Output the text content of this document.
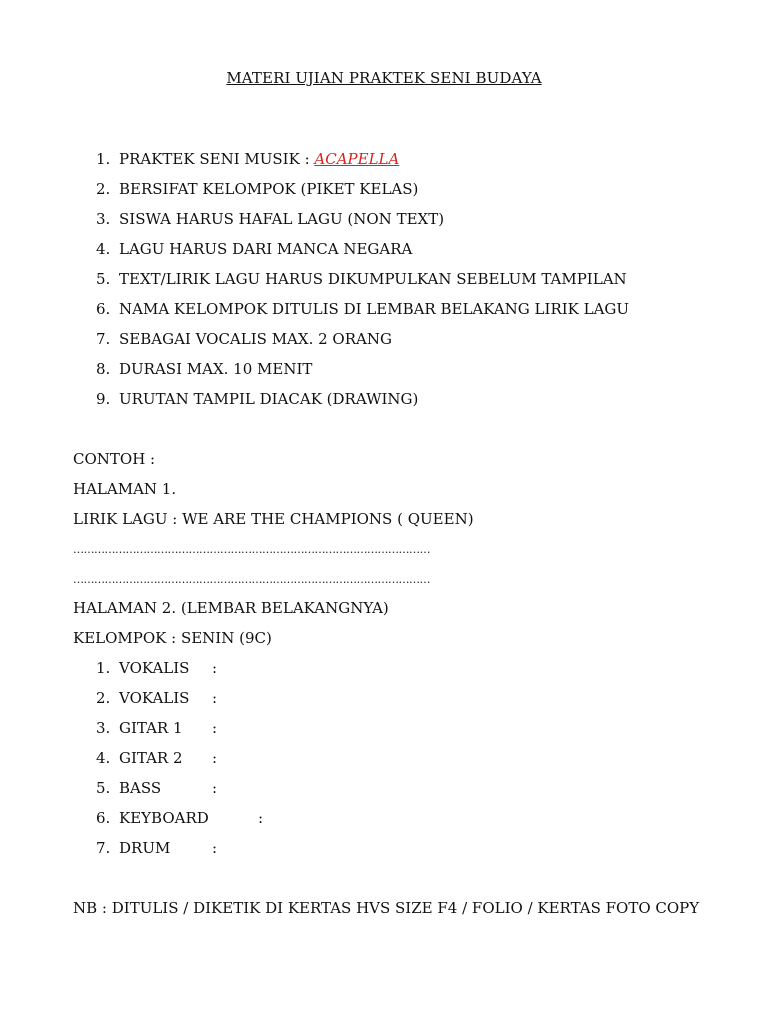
MATERI UJIAN PRAKTEK SENI BUDAYA
1. PRAKTEK SENI MUSIK : ACAPELLA
2. BERSIFAT KELOMPOK (PIKET KELAS)
3. SISWA HARUS HAFAL LAGU (NON TEXT)
4. LAGU HARUS DARI MANCA NEGARA
5. TEXT/LIRIK LAGU HARUS DIKUMPULKAN SEBELUM TAMPILAN
6. NAMA KELOMPOK DITULIS DI LEMBAR BELAKANG LIRIK LAGU
7. SEBAGAI VOCALIS MAX. 2 ORANG
8. DURASI MAX. 10 MENIT
9. URUTAN TAMPIL DIACAK (DRAWING)
CONTOH :
HALAMAN 1.
LIRIK LAGU : WE ARE THE CHAMPIONS ( QUEEN)
…………………………………………………………………………………………
…………………………………………………………………………………………
HALAMAN 2. (LEMBAR BELAKANGNYA)
KELOMPOK : SENIN (9C)
1. VOKALIS :
2. VOKALIS :
3. GITAR 1 :
4. GITAR 2 :
5. BASS	:
6. KEYBOARD	:
7. DRUM	:
NB : DITULIS / DIKETIK DI KERTAS HVS SIZE F4 / FOLIO / KERTAS FOTO COPY
